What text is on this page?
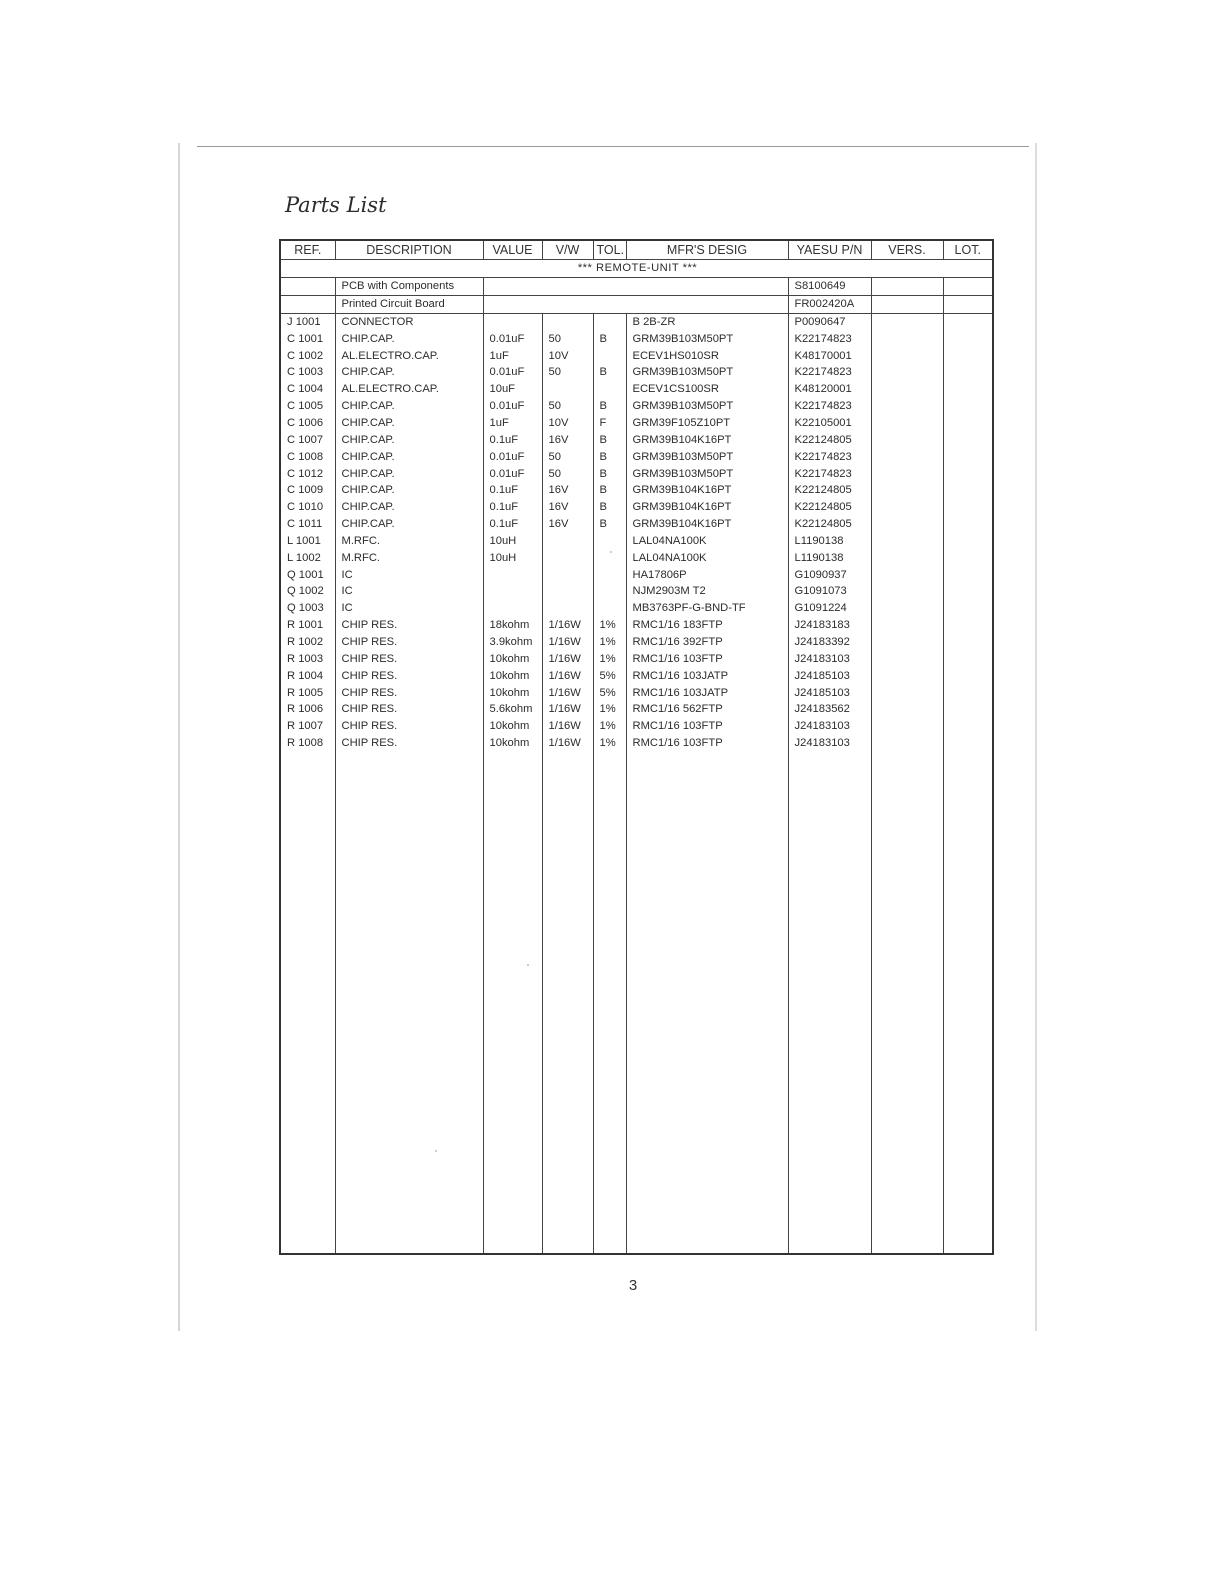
Parts List
REF.	DESCRIPTION	VALUE	V/W	TOL.	MFR'S DESIG	YAESU P/N	VERS.	LOT.
*** REMOTE-UNIT ***								
	PCB with Components					S8100649		
	Printed Circuit Board					FR002420A		
J 1001	CONNECTOR				B 2B-ZR	P0090647		
C 1001	CHIP.CAP.	0.01uF	50	B	GRM39B103M50PT	K22174823		
C 1002	AL.ELECTRO.CAP.	1uF	10V		ECEV1HS010SR	K48170001		
C 1003	CHIP.CAP.	0.01uF	50	B	GRM39B103M50PT	K22174823		
C 1004	AL.ELECTRO.CAP.	10uF			ECEV1CS100SR	K48120001		
C 1005	CHIP.CAP.	0.01uF	50	B	GRM39B103M50PT	K22174823		
C 1006	CHIP.CAP.	1uF	10V	F	GRM39F105Z10PT	K22105001		
C 1007	CHIP.CAP.	0.1uF	16V	B	GRM39B104K16PT	K22124805		
C 1008	CHIP.CAP.	0.01uF	50	B	GRM39B103M50PT	K22174823		
C 1012	CHIP.CAP.	0.01uF	50	B	GRM39B103M50PT	K22174823		
C 1009	CHIP.CAP.	0.1uF	16V	B	GRM39B104K16PT	K22124805		
C 1010	CHIP.CAP.	0.1uF	16V	B	GRM39B104K16PT	K22124805		
C 1011	CHIP.CAP.	0.1uF	16V	B	GRM39B104K16PT	K22124805		
L 1001	M.RFC.	10uH			LAL04NA100K	L1190138		
L 1002	M.RFC.	10uH			LAL04NA100K	L1190138		
Q 1001	IC				HA17806P	G1090937		
Q 1002	IC				NJM2903M T2	G1091073		
Q 1003	IC				MB3763PF-G-BND-TF	G1091224		
R 1001	CHIP RES.	18kohm	1/16W	1%	RMC1/16 183FTP	J24183183		
R 1002	CHIP RES.	3.9kohm	1/16W	1%	RMC1/16 392FTP	J24183392		
R 1003	CHIP RES.	10kohm	1/16W	1%	RMC1/16 103FTP	J24183103		
R 1004	CHIP RES.	10kohm	1/16W	5%	RMC1/16 103JATP	J24185103		
R 1005	CHIP RES.	10kohm	1/16W	5%	RMC1/16 103JATP	J24185103		
R 1006	CHIP RES.	5.6kohm	1/16W	1%	RMC1/16 562FTP	J24183562		
R 1007	CHIP RES.	10kohm	1/16W	1%	RMC1/16 103FTP	J24183103		
R 1008	CHIP RES.	10kohm	1/16W	1%	RMC1/16 103FTP	J24183103		

3
